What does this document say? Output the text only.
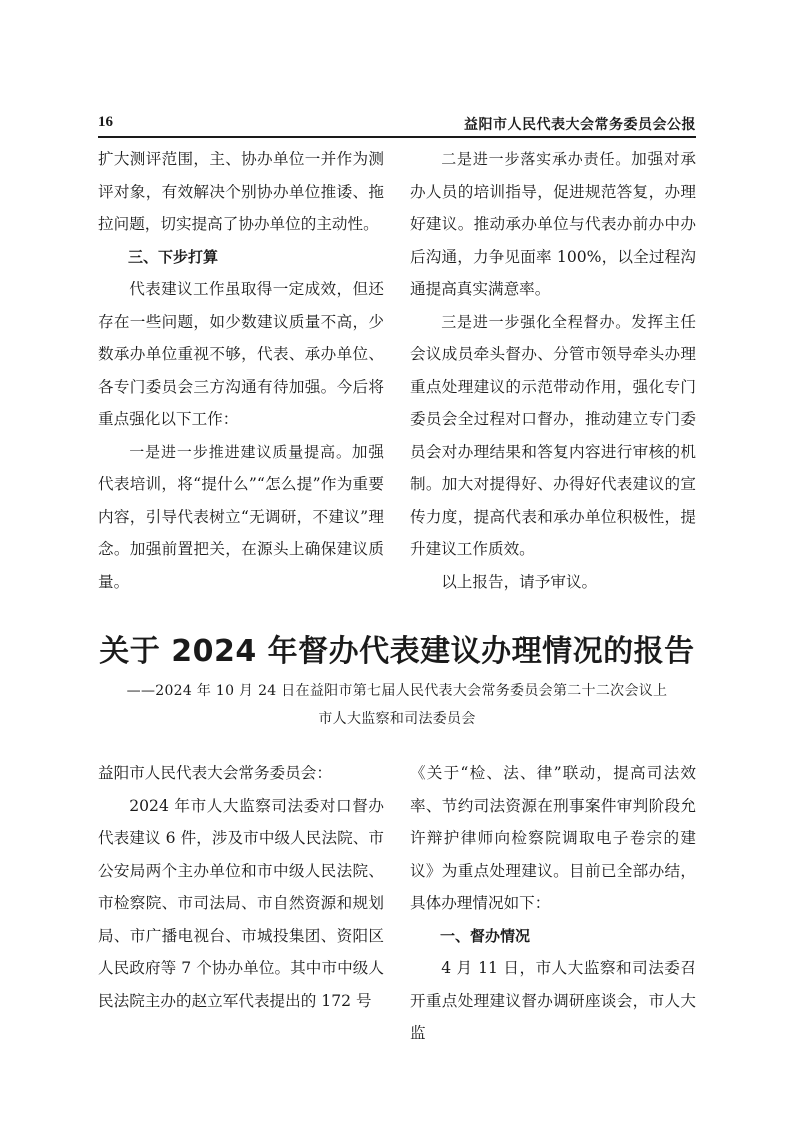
16	益阳市人民代表大会常务委员会公报

扩大测评范围，主、协办单位一并作为测评对象，有效解决个别协办单位推诿、拖拉问题，切实提高了协办单位的主动性。

三、下步打算

代表建议工作虽取得一定成效，但还存在一些问题，如少数建议质量不高，少数承办单位重视不够，代表、承办单位、各专门委员会三方沟通有待加强。今后将重点强化以下工作：

一是进一步推进建议质量提高。加强代表培训，将“提什么”“怎么提”作为重要内容，引导代表树立“无调研，不建议”理念。加强前置把关，在源头上确保建议质量。

二是进一步落实承办责任。加强对承办人员的培训指导，促进规范答复，办理好建议。推动承办单位与代表办前办中办后沟通，力争见面率 100%，以全过程沟通提高真实满意率。

三是进一步强化全程督办。发挥主任会议成员牵头督办、分管市领导牵头办理重点处理建议的示范带动作用，强化专门委员会全过程对口督办，推动建立专门委员会对办理结果和答复内容进行审核的机制。加大对提得好、办得好代表建议的宣传力度，提高代表和承办单位积极性，提升建议工作质效。

以上报告，请予审议。

关于 2024 年督办代表建议办理情况的报告
——2024 年 10 月 24 日在益阳市第七届人民代表大会常务委员会第二十二次会议上
市人大监察和司法委员会

益阳市人民代表大会常务委员会：

2024 年市人大监察司法委对口督办代表建议 6 件，涉及市中级人民法院、市公安局两个主办单位和市中级人民法院、市检察院、市司法局、市自然资源和规划局、市广播电视台、市城投集团、资阳区人民政府等 7 个协办单位。其中市中级人民法院主办的赵立军代表提出的 172 号

《关于“检、法、律”联动，提高司法效率、节约司法资源在刑事案件审判阶段允许辩护律师向检察院调取电子卷宗的建议》为重点处理建议。目前已全部办结，具体办理情况如下：

一、督办情况

4 月 11 日，市人大监察和司法委召开重点处理建议督办调研座谈会，市人大监
